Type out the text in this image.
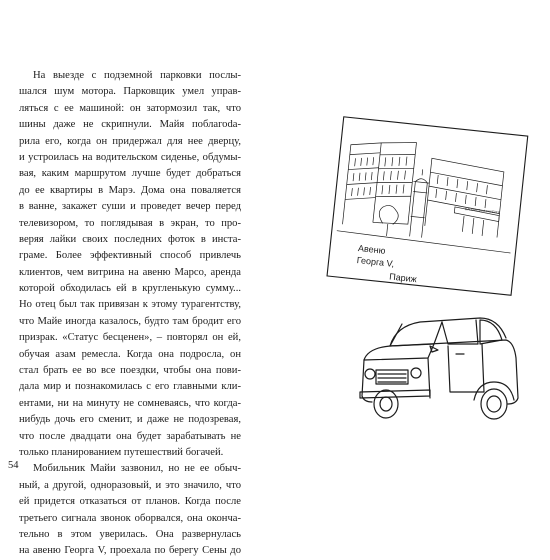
На выезде с подземной парковки послы-
шался шум мотора. Парковщик умел управ-
ляться с ее машиной: он затормозил так, что
шины даже не скрипнули. Майя поблагоda-
рила его, когда он придержал для нее дверцу,
и устроилась на водительском сиденье, обдумы-
вая, каким маршрутом лучше будет добраться
до ее квартиры в Марэ. Дома она поваляется
в ванне, закажет суши и проведет вечер перед
телевизором, то поглядывая в экран, то про-
веряя лайки своих последних фоток в инста-
граме. Более эффективный способ привлечь
клиентов, чем витрина на авеню Марсо, аренда
которой обходилась ей в кругленькую сумму...
Но отец был так привязан к этому турагентству,
что Майе иногда казалось, будто там бродит его
призрак. «Статус бесценен», – повторял он ей,
обучая азам ремесла. Когда она подросла, он
стал брать ее во все поездки, чтобы она пови-
дала мир и познакомилась с его главными кли-
ентами, ни на минуту не сомневаясь, что когда-
нибудь дочь его сменит, и даже не подозревая,
что после двадцати она будет зарабатывать не
только планированием путешествий богачей.
Мобильник Майи зазвонил, но не ее обыч-
ный, а другой, одноразовый, и это значило, что
ей придется отказаться от планов. Когда после
третьего сигнала звонок оборвался, она оконча-
тельно в этом уверилась. Она развернулась
на авеню Георга V, проехала по берегу Сены до
54
GALERIES LA FAYETTE
Авеню
Георга V,
Париж
